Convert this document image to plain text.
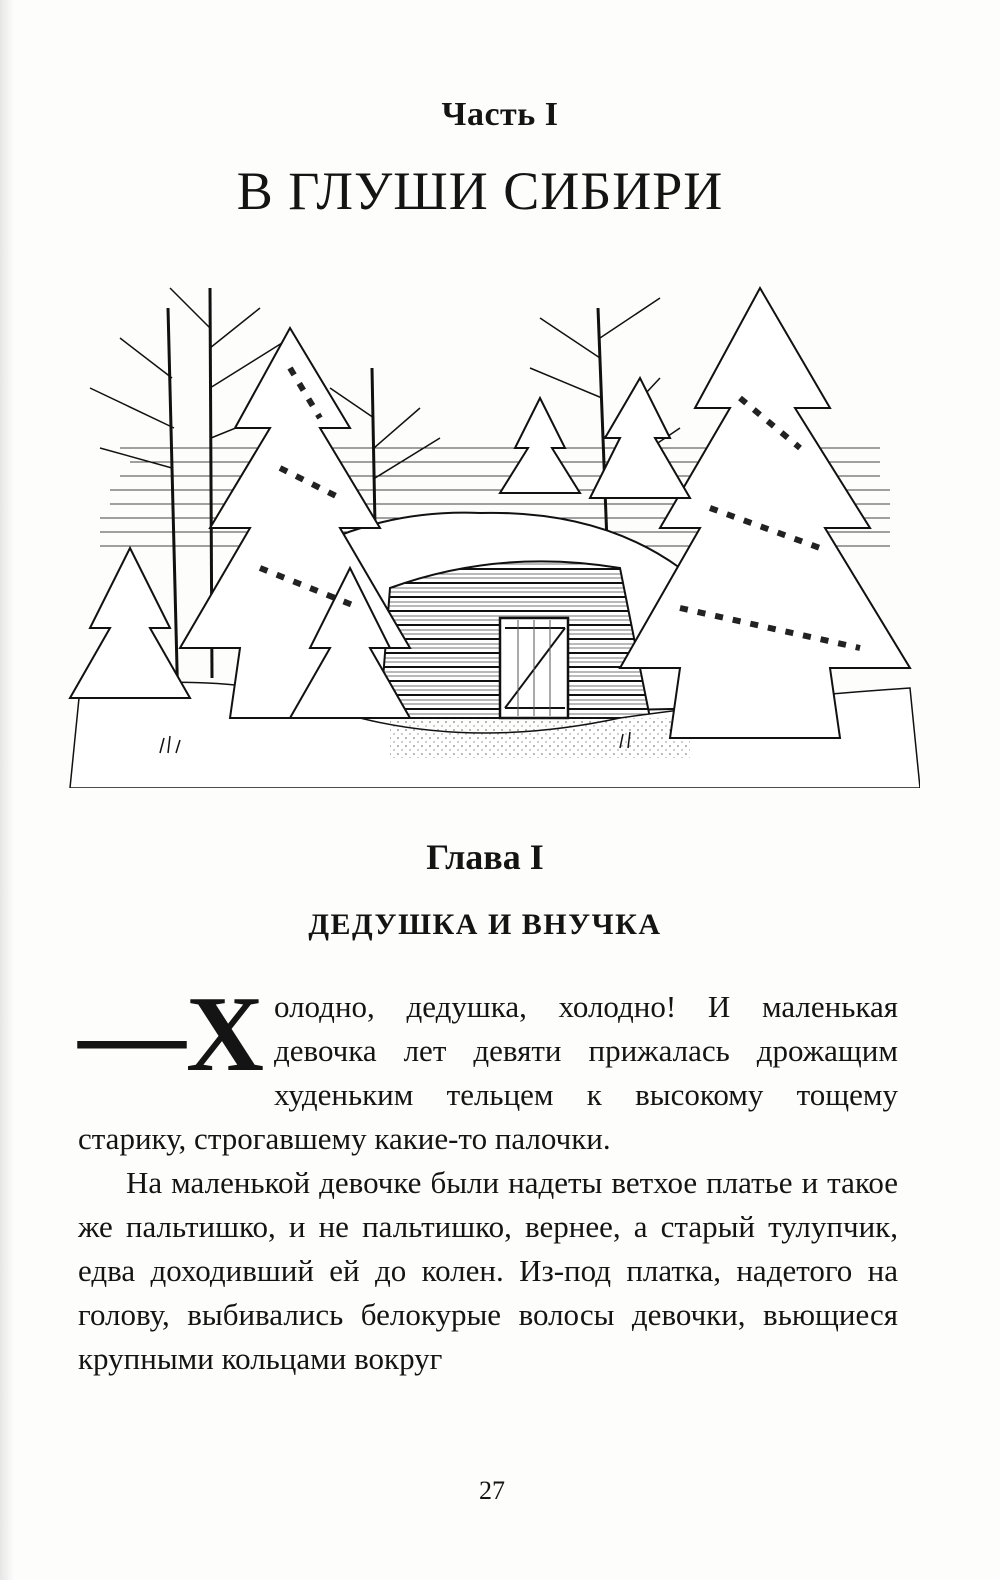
Часть I
В ГЛУШИ СИБИРИ
Глава I
ДЕДУШКА И ВНУЧКА

—Х олодно, дедушка, холодно! И маленькая девочка лет девяти прижалась дрожащим худеньким тельцем к высокому тощему старику, строгавшему какие-то палочки.

На маленькой девочке были надеты ветхое платье и такое же пальтишко, и не пальтишко, вернее, а старый тулупчик, едва доходивший ей до колен. Из-под платка, надетого на голову, выбивались белокурые волосы девочки, вьющиеся крупными кольцами вокруг

27
